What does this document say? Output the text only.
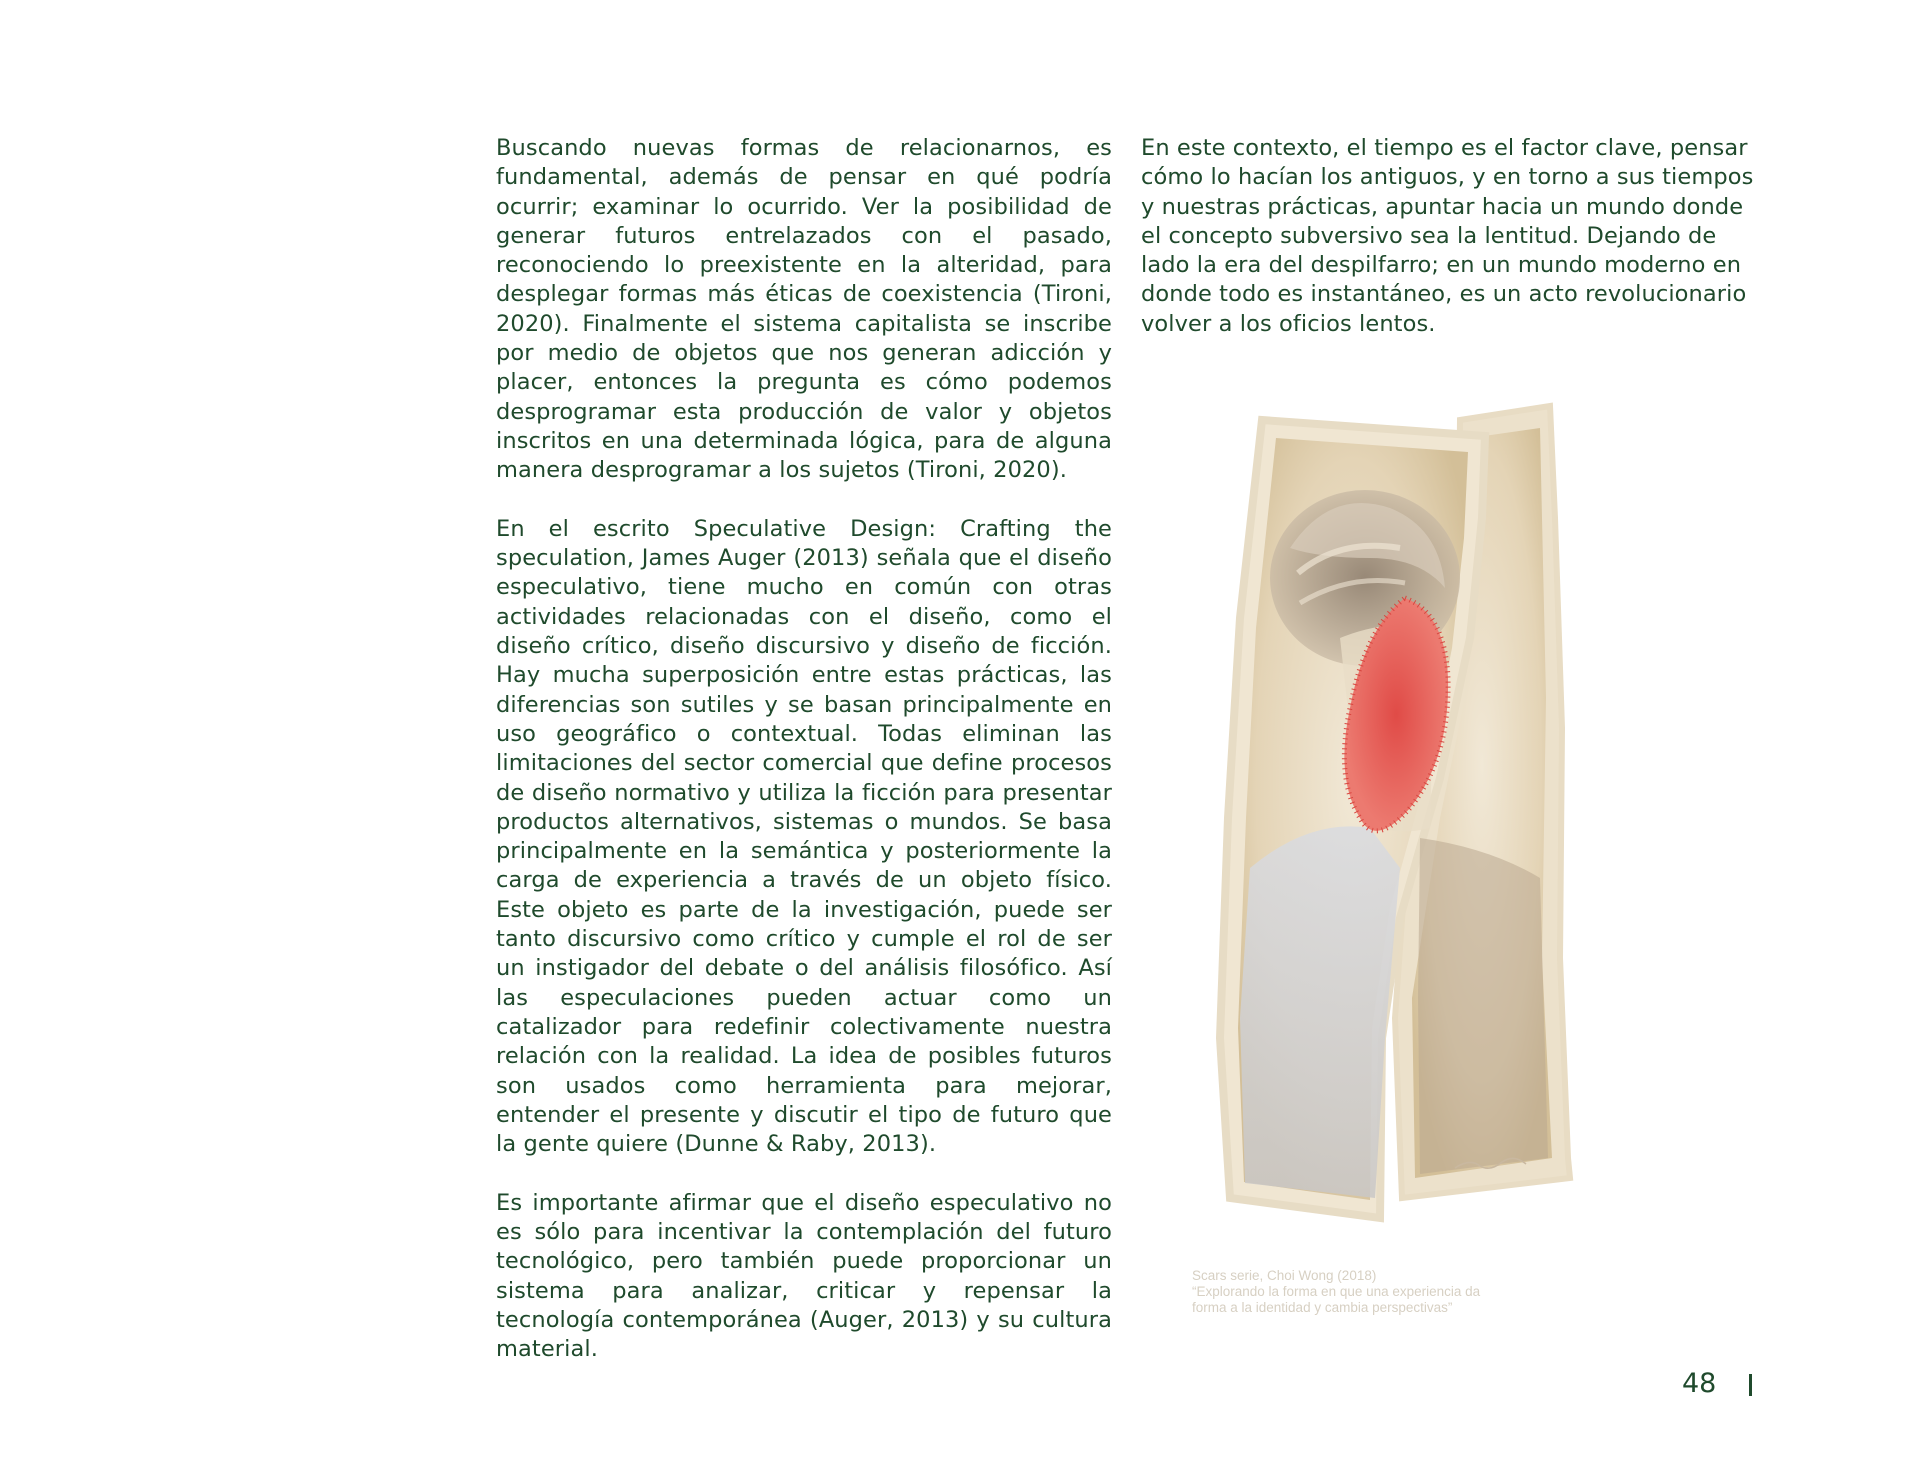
Buscando nuevas formas de relacionarnos, es fundamental, además de pensar en qué podría ocurrir; examinar lo ocurrido. Ver la posibilidad de generar futuros entrelazados con el pasado, reconociendo lo preexistente en la alteridad, para desplegar formas más éticas de coexistencia (Tironi, 2020). Finalmente el sistema capitalista se inscribe por medio de objetos que nos generan adicción y placer, entonces la pregunta es cómo podemos desprogramar esta producción de valor y objetos inscritos en una determinada lógica, para de alguna manera desprogramar a los sujetos (Tironi, 2020).

En el escrito Speculative Design: Crafting the speculation, James Auger (2013) señala que el diseño especulativo, tiene mucho en común con otras actividades relacionadas con el diseño, como el diseño crítico, diseño discursivo y diseño de ficción. Hay mucha superposición entre estas prácticas, las diferencias son sutiles y se basan principalmente en uso geográfico o contextual. Todas eliminan las limitaciones del sector comercial que define procesos de diseño normativo y utiliza la ficción para presentar productos alternativos, sistemas o mundos. Se basa principalmente en la semántica y posteriormente la carga de experiencia a través de un objeto físico. Este objeto es parte de la investigación, puede ser tanto discursivo como crítico y cumple el rol de ser un instigador del debate o del análisis filosófico. Así las especulaciones pueden actuar como un catalizador para redefinir colectivamente nuestra relación con la realidad. La idea de posibles futuros son usados como herramienta para mejorar, entender el presente y discutir el tipo de futuro que la gente quiere (Dunne & Raby, 2013).

Es importante afirmar que el diseño especulativo no es sólo para incentivar la contemplación del futuro tecnológico, pero también puede proporcionar un sistema para analizar, criticar y repensar la tecnología contemporánea (Auger, 2013) y su cultura material.

En este contexto, el tiempo es el factor clave, pensar cómo lo hacían los antiguos, y en torno a sus tiempos y nuestras prácticas, apuntar hacia un mundo donde el concepto subversivo sea la lentitud. Dejando de lado la era del despilfarro; en un mundo moderno en donde todo es instantáneo, es un acto revolucionario volver a los oficios lentos.

Scars serie, Choi Wong (2018)
“Explorando la forma en que una experiencia da
forma a la identidad y cambia perspectivas”
48
